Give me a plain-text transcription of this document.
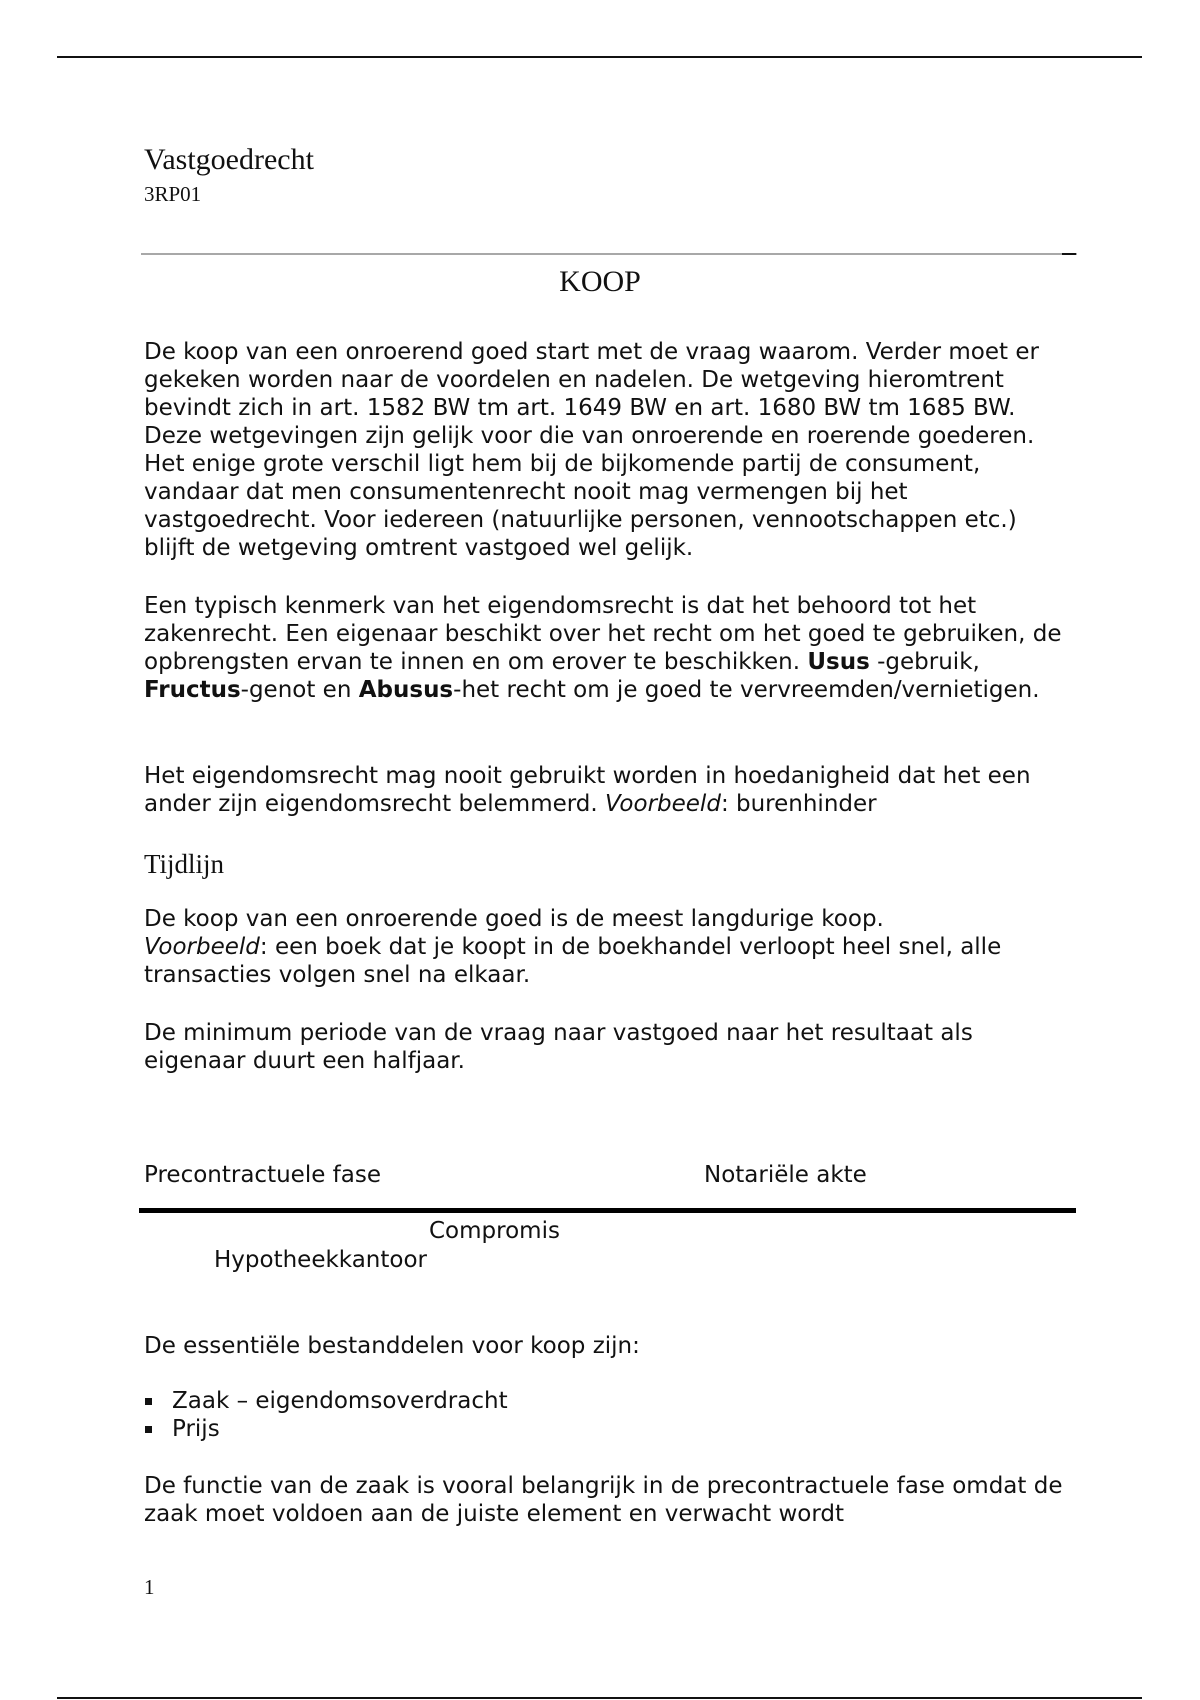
Vastgoedrecht
3RP01
KOOP

De koop van een onroerend goed start met de vraag waarom. Verder moet er gekeken worden naar de voordelen en nadelen. De wetgeving hieromtrent bevindt zich in art. 1582 BW tm art. 1649 BW en art. 1680 BW tm 1685 BW. Deze wetgevingen zijn gelijk voor die van onroerende en roerende goederen. Het enige grote verschil ligt hem bij de bijkomende partij de consument, vandaar dat men consumentenrecht nooit mag vermengen bij het vastgoedrecht. Voor iedereen (natuurlijke personen, vennootschappen etc.) blijft de wetgeving omtrent vastgoed wel gelijk.

Een typisch kenmerk van het eigendomsrecht is dat het behoord tot het zakenrecht. Een eigenaar beschikt over het recht om het goed te gebruiken, de opbrengsten ervan te innen en om erover te beschikken. Usus -gebruik, Fructus-genot en Abusus-het recht om je goed te vervreemden/vernietigen.

Het eigendomsrecht mag nooit gebruikt worden in hoedanigheid dat het een ander zijn eigendomsrecht belemmerd. Voorbeeld: burenhinder

Tijdlijn

De koop van een onroerende goed is de meest langdurige koop.
Voorbeeld: een boek dat je koopt in de boekhandel verloopt heel snel, alle transacties volgen snel na elkaar.

De minimum periode van de vraag naar vastgoed naar het resultaat als eigenaar duurt een halfjaar.

Precontractuele fase	Notariële akte
Compromis
Hypotheekkantoor

De essentiële bestanddelen voor koop zijn:

Zaak – eigendomsoverdracht
Prijs

De functie van de zaak is vooral belangrijk in de precontractuele fase omdat de zaak moet voldoen aan de juiste element en verwacht wordt

1
